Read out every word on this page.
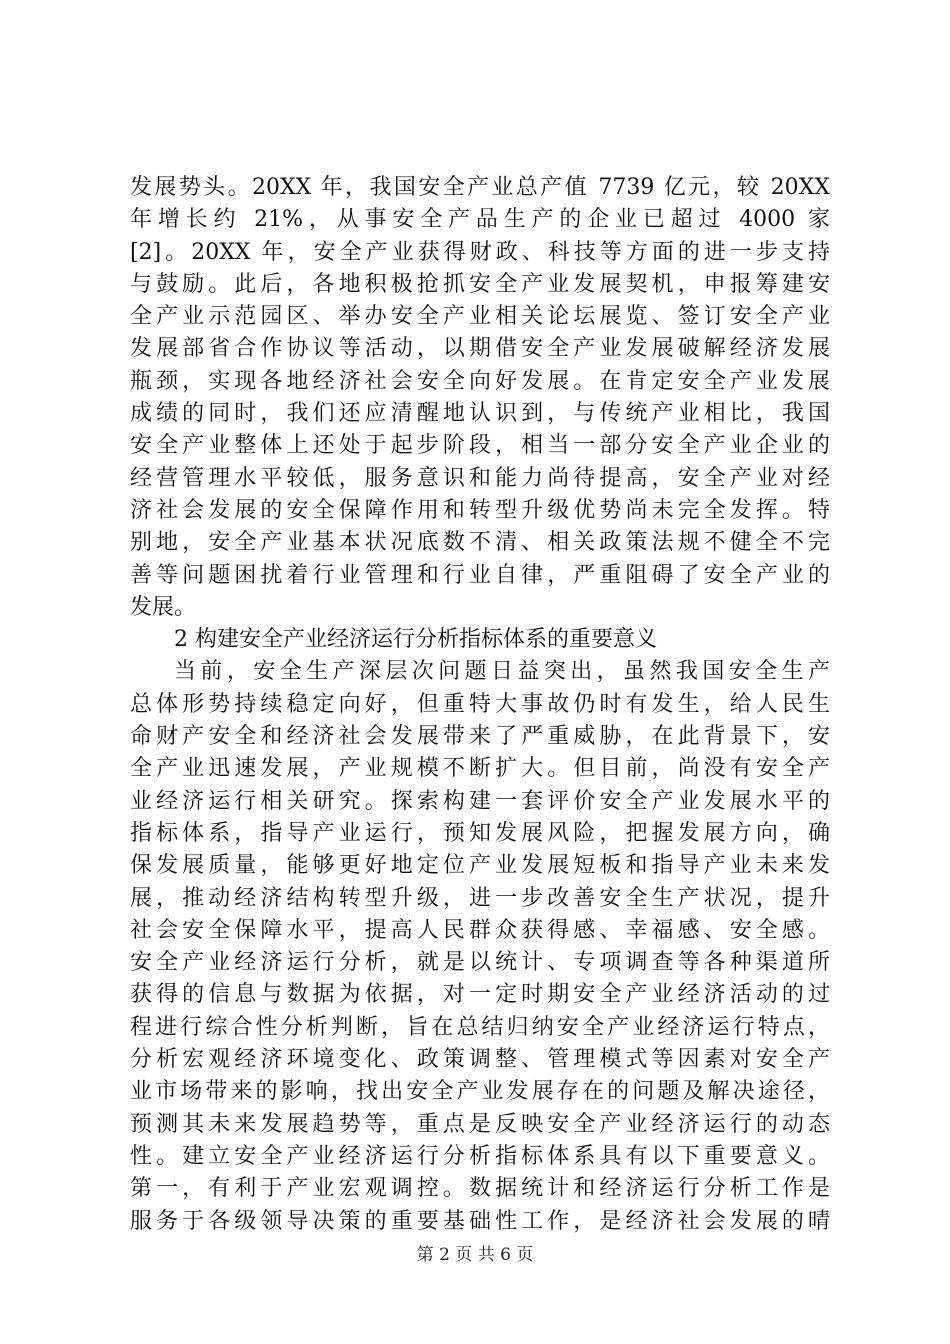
发展势头。20XX 年，我国安全产业总产值 7739 亿元，较 20XX
年增长约 21%，从事安全产品生产的企业已超过 4000 家
[2]。20XX 年，安全产业获得财政、科技等方面的进一步支持
与鼓励。此后，各地积极抢抓安全产业发展契机，申报筹建安
全产业示范园区、举办安全产业相关论坛展览、签订安全产业
发展部省合作协议等活动，以期借安全产业发展破解经济发展
瓶颈，实现各地经济社会安全向好发展。在肯定安全产业发展
成绩的同时，我们还应清醒地认识到，与传统产业相比，我国
安全产业整体上还处于起步阶段，相当一部分安全产业企业的
经营管理水平较低，服务意识和能力尚待提高，安全产业对经
济社会发展的安全保障作用和转型升级优势尚未完全发挥。特
别地，安全产业基本状况底数不清、相关政策法规不健全不完
善等问题困扰着行业管理和行业自律，严重阻碍了安全产业的
发展。
2 构建安全产业经济运行分析指标体系的重要意义
当前，安全生产深层次问题日益突出，虽然我国安全生产
总体形势持续稳定向好，但重特大事故仍时有发生，给人民生
命财产安全和经济社会发展带来了严重威胁，在此背景下，安
全产业迅速发展，产业规模不断扩大。但目前，尚没有安全产
业经济运行相关研究。探索构建一套评价安全产业发展水平的
指标体系，指导产业运行，预知发展风险，把握发展方向，确
保发展质量，能够更好地定位产业发展短板和指导产业未来发
展，推动经济结构转型升级，进一步改善安全生产状况，提升
社会安全保障水平，提高人民群众获得感、幸福感、安全感。
安全产业经济运行分析，就是以统计、专项调查等各种渠道所
获得的信息与数据为依据，对一定时期安全产业经济活动的过
程进行综合性分析判断，旨在总结归纳安全产业经济运行特点，
分析宏观经济环境变化、政策调整、管理模式等因素对安全产
业市场带来的影响，找出安全产业发展存在的问题及解决途径，
预测其未来发展趋势等，重点是反映安全产业经济运行的动态
性。建立安全产业经济运行分析指标体系具有以下重要意义。
第一，有利于产业宏观调控。数据统计和经济运行分析工作是
服务于各级领导决策的重要基础性工作，是经济社会发展的晴
第 2 页 共 6 页
